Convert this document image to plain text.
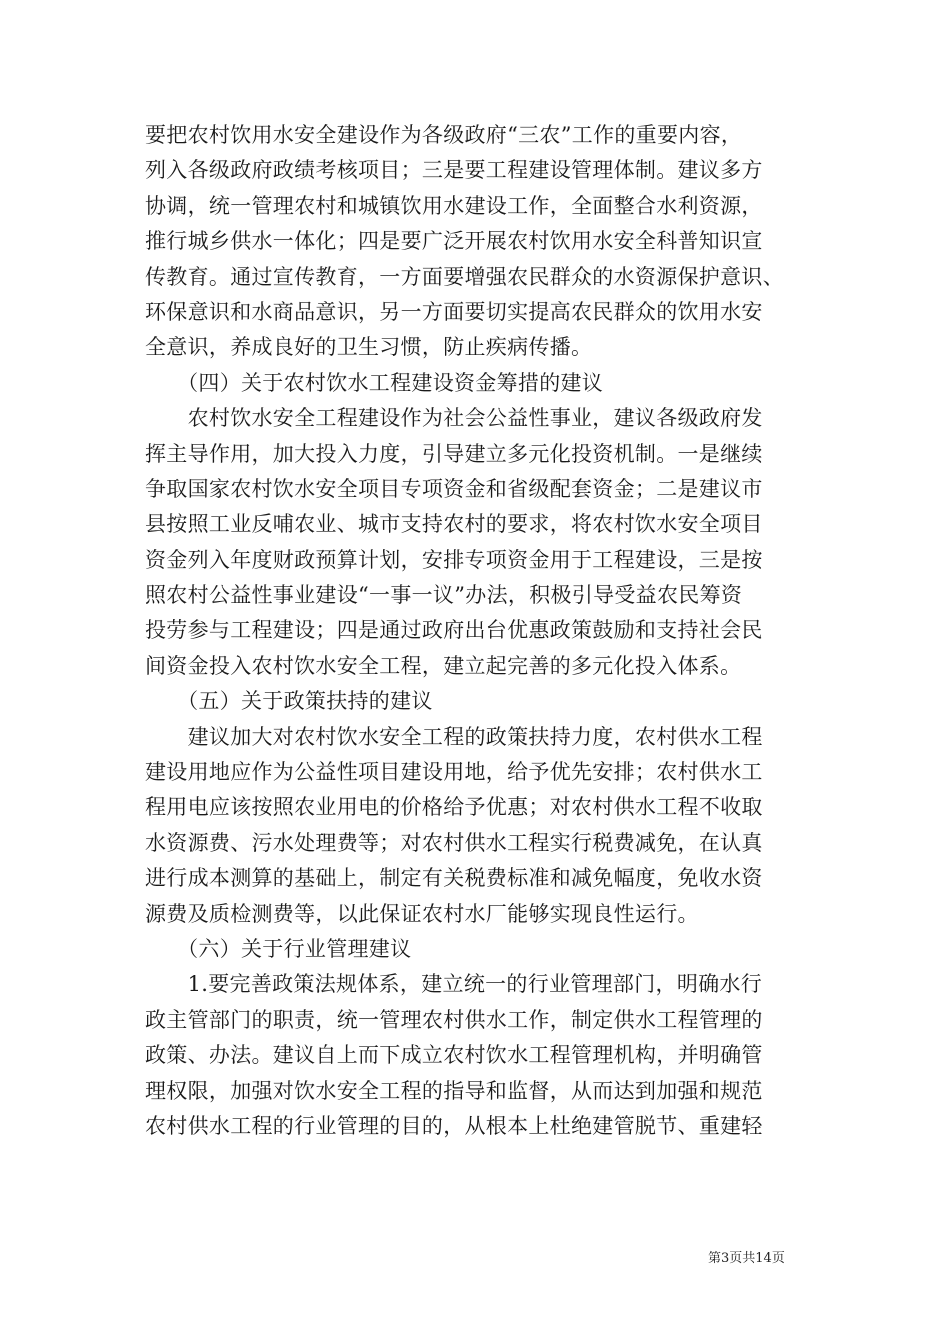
要把农村饮用水安全建设作为各级政府“三农”工作的重要内容，
列入各级政府政绩考核项目；三是要工程建设管理体制。建议多方
协调，统一管理农村和城镇饮用水建设工作，全面整合水利资源，
推行城乡供水一体化；四是要广泛开展农村饮用水安全科普知识宣
传教育。通过宣传教育，一方面要增强农民群众的水资源保护意识、
环保意识和水商品意识，另一方面要切实提高农民群众的饮用水安
全意识，养成良好的卫生习惯，防止疾病传播。
　　（四）关于农村饮水工程建设资金筹措的建议
　　农村饮水安全工程建设作为社会公益性事业，建议各级政府发
挥主导作用，加大投入力度，引导建立多元化投资机制。一是继续
争取国家农村饮水安全项目专项资金和省级配套资金；二是建议市
县按照工业反哺农业、城市支持农村的要求，将农村饮水安全项目
资金列入年度财政预算计划，安排专项资金用于工程建设，三是按
照农村公益性事业建设“一事一议”办法，积极引导受益农民筹资
投劳参与工程建设；四是通过政府出台优惠政策鼓励和支持社会民
间资金投入农村饮水安全工程，建立起完善的多元化投入体系。
　　（五）关于政策扶持的建议
　　建议加大对农村饮水安全工程的政策扶持力度，农村供水工程
建设用地应作为公益性项目建设用地，给予优先安排；农村供水工
程用电应该按照农业用电的价格给予优惠；对农村供水工程不收取
水资源费、污水处理费等；对农村供水工程实行税费减免，在认真
进行成本测算的基础上，制定有关税费标准和减免幅度，免收水资
源费及质检测费等，以此保证农村水厂能够实现良性运行。
　　（六）关于行业管理建议
　　1.要完善政策法规体系，建立统一的行业管理部门，明确水行
政主管部门的职责，统一管理农村供水工作，制定供水工程管理的
政策、办法。建议自上而下成立农村饮水工程管理机构，并明确管
理权限，加强对饮水安全工程的指导和监督，从而达到加强和规范
农村供水工程的行业管理的目的，从根本上杜绝建管脱节、重建轻
第3页共14页
